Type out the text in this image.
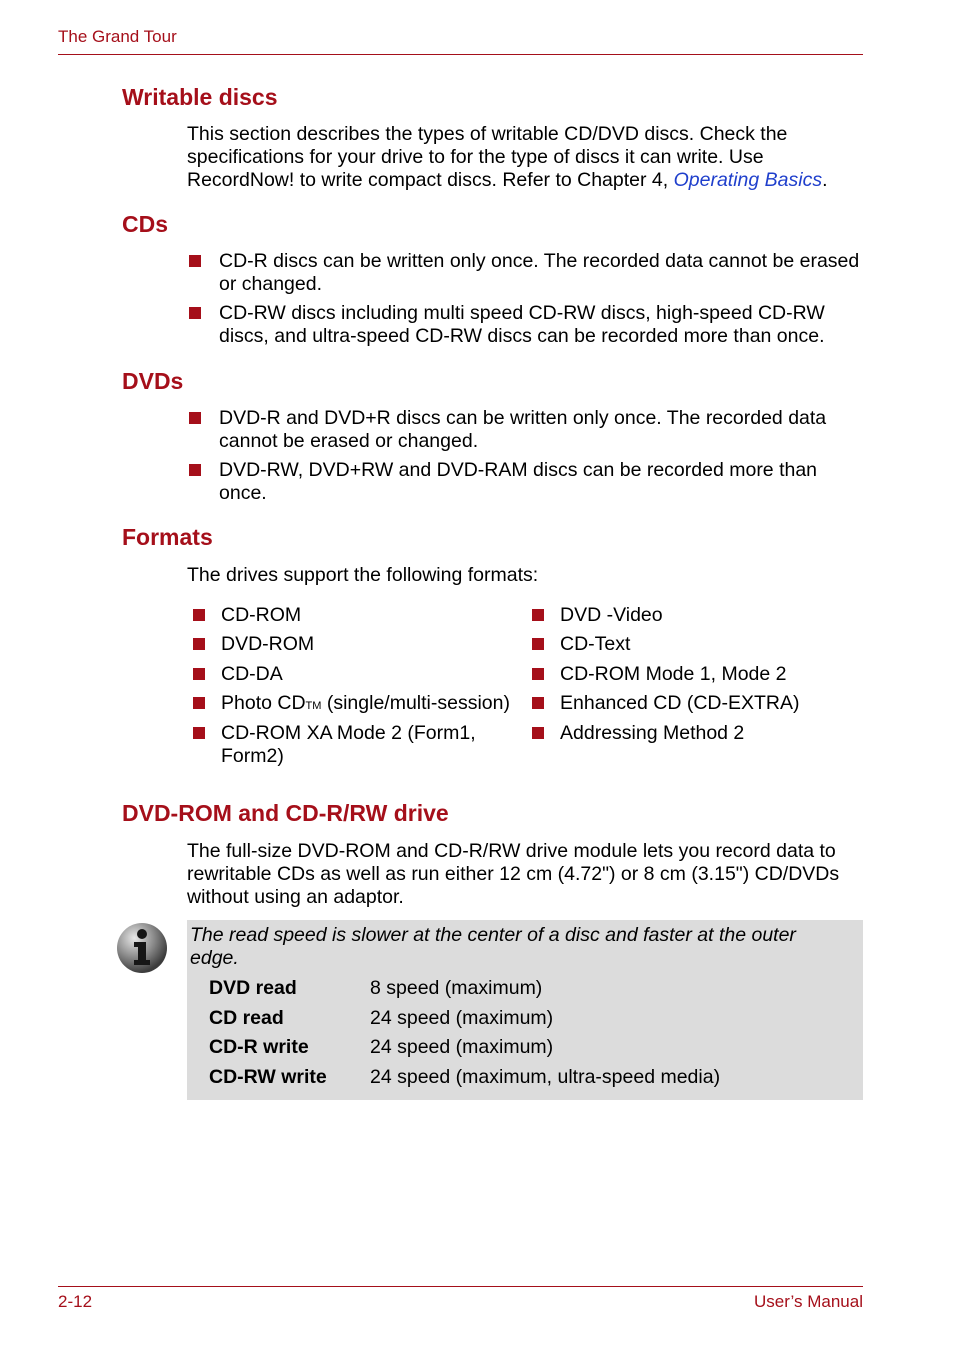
The Grand Tour
Writable discs

This section describes the types of writable CD/DVD discs. Check the specifications for your drive to for the type of discs it can write. Use RecordNow! to write compact discs. Refer to Chapter 4, Operating Basics.

CDs
CD-R discs can be written only once. The recorded data cannot be erased or changed.
CD-RW discs including multi speed CD-RW discs, high-speed CD-RW discs, and ultra-speed CD-RW discs can be recorded more than once.
DVDs
DVD-R and DVD+R discs can be written only once. The recorded data cannot be erased or changed.
DVD-RW, DVD+RW and DVD-RAM discs can be recorded more than once.
Formats

The drives support the following formats:

CD-ROM
DVD-ROM
CD-DA
Photo CDTM (single/multi-session)
CD-ROM XA Mode 2 (Form1, Form2)
DVD -Video
CD-Text
CD-ROM Mode 1, Mode 2
Enhanced CD (CD-EXTRA)
Addressing Method 2
DVD-ROM and CD-R/RW drive

The full-size DVD-ROM and CD-R/RW drive module lets you record data to rewritable CDs as well as run either 12 cm (4.72") or 8 cm (3.15") CD/DVDs without using an adaptor.

The read speed is slower at the center of a disc and faster at the outer edge.
DVD read	8 speed (maximum)
CD read	24 speed (maximum)
CD-R write	24 speed (maximum)
CD-RW write 24 speed (maximum, ultra-speed media)
2-12	User’s Manual
